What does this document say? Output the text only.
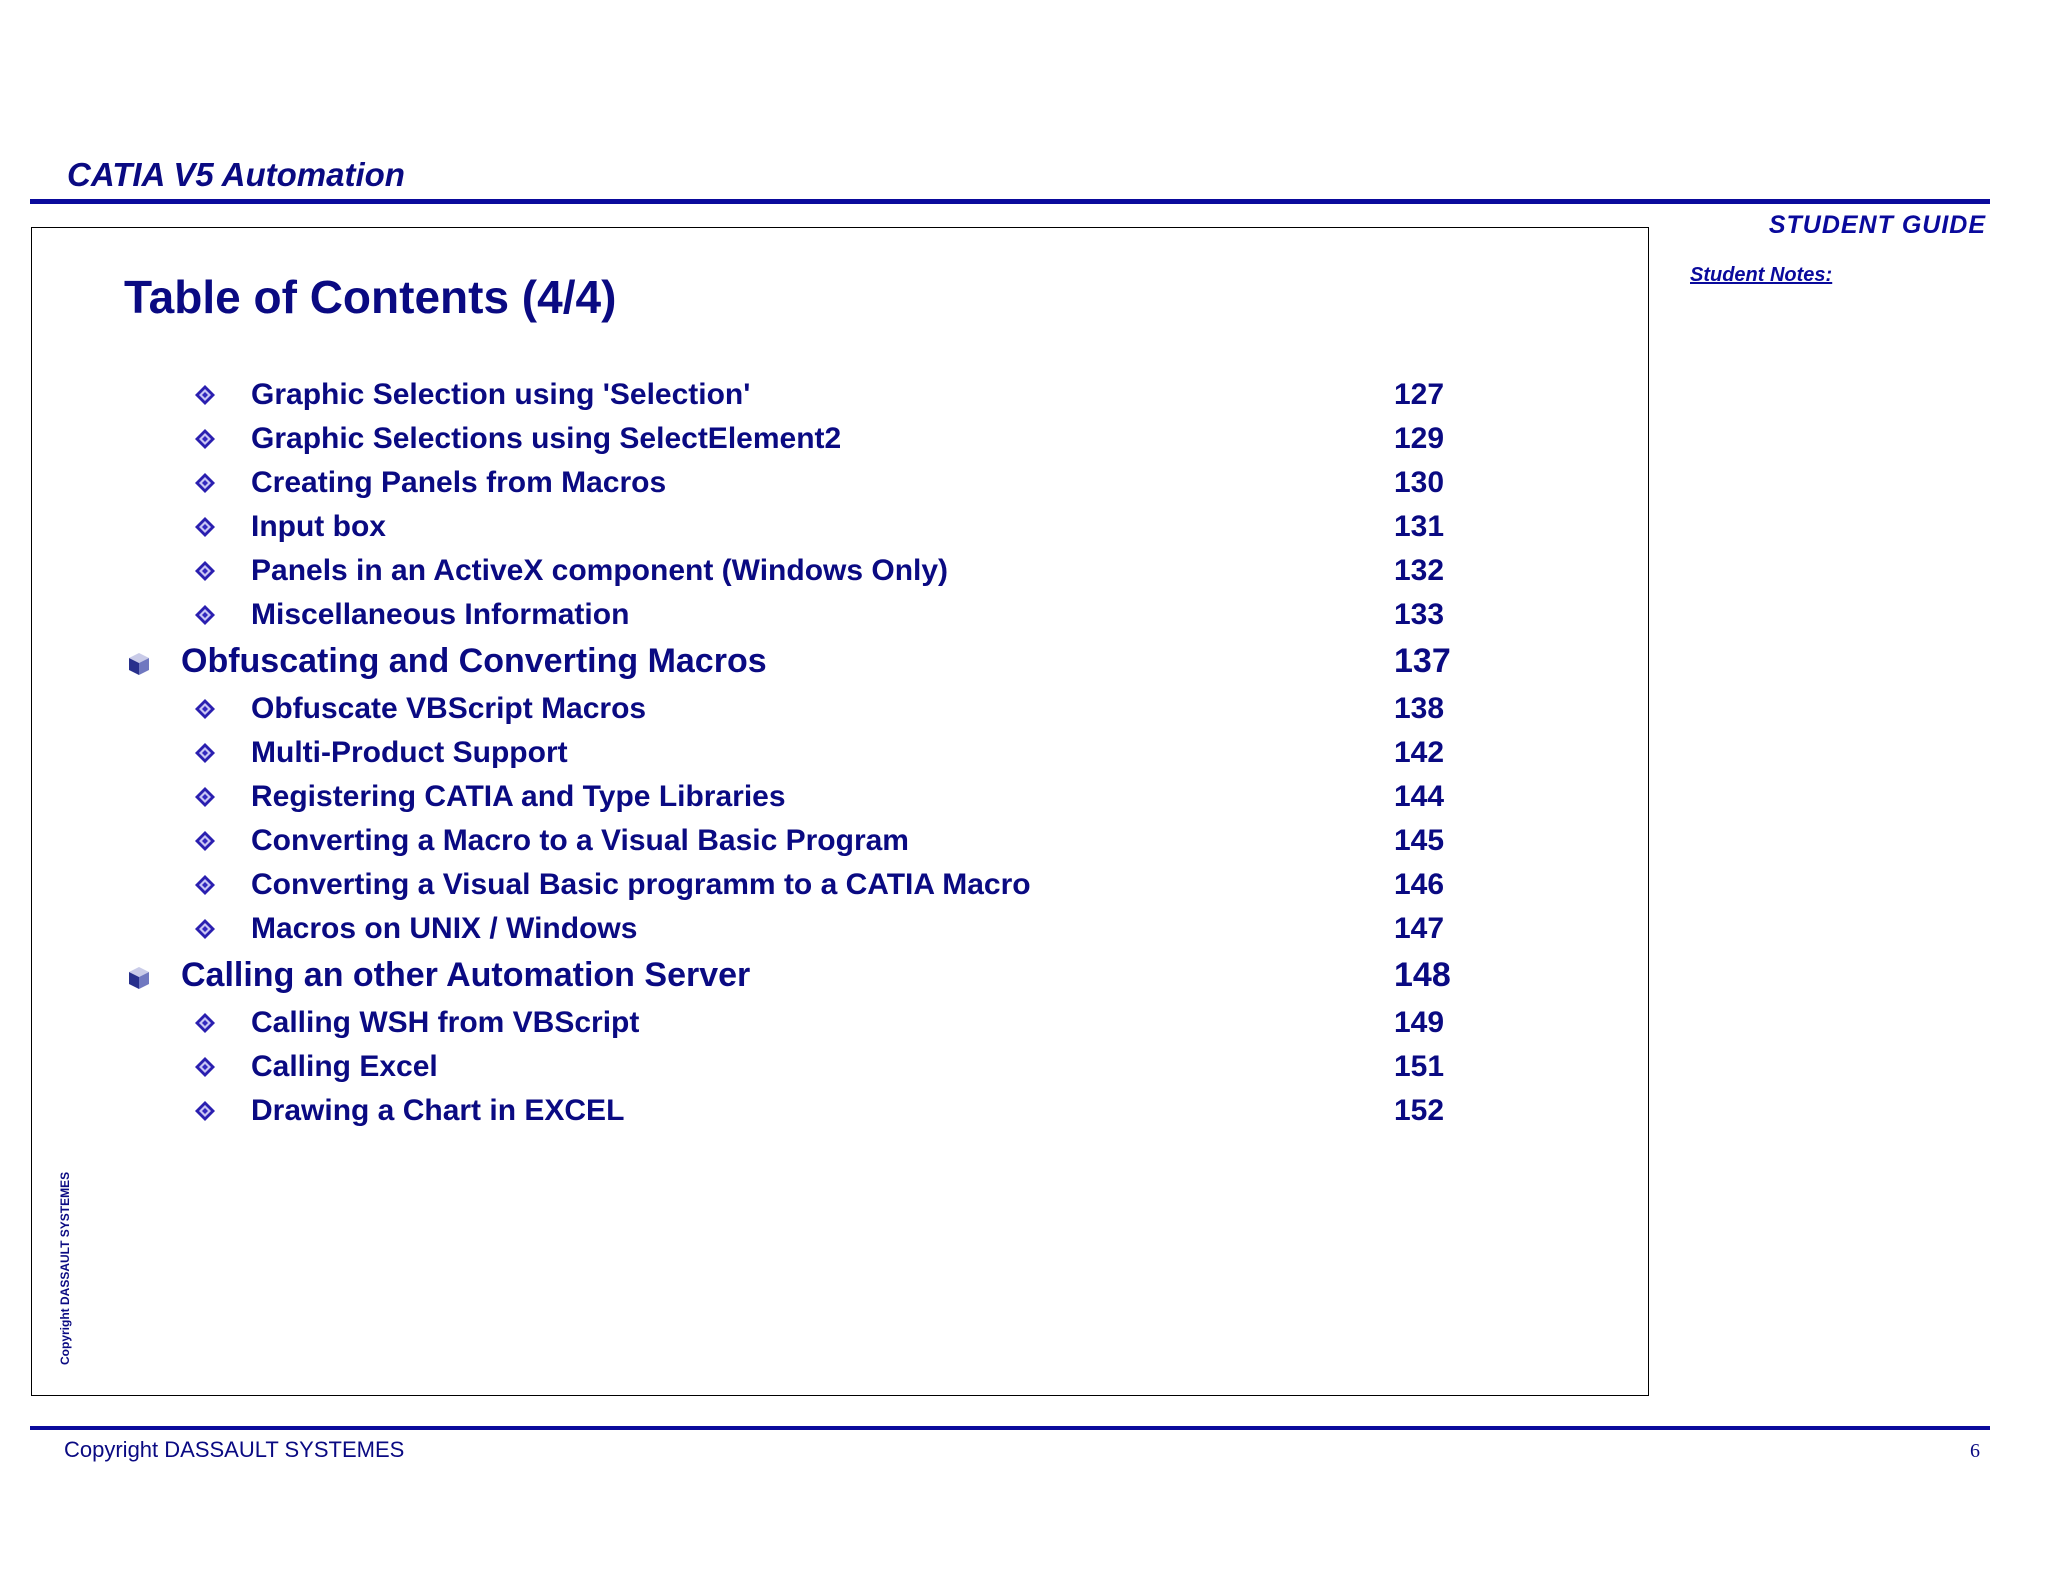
CATIA V5 Automation
STUDENT GUIDE
Student Notes:
Table of Contents (4/4)
Graphic Selection using 'Selection'	127
Graphic Selections using SelectElement2	129
Creating Panels from Macros	130
Input box	131
Panels in an ActiveX component (Windows Only)	132
Miscellaneous Information	133
Obfuscating and Converting Macros	137
Obfuscate VBScript Macros	138
Multi-Product Support	142
Registering CATIA and Type Libraries	144
Converting a Macro to a Visual Basic Program	145
Converting a Visual Basic programm to a CATIA Macro	146
Macros on UNIX / Windows	147
Calling an other Automation Server	148
Calling WSH from VBScript	149
Calling Excel	151
Drawing a Chart in EXCEL	152
Copyright DASSAULT SYSTEMES
Copyright DASSAULT SYSTEMES	6
